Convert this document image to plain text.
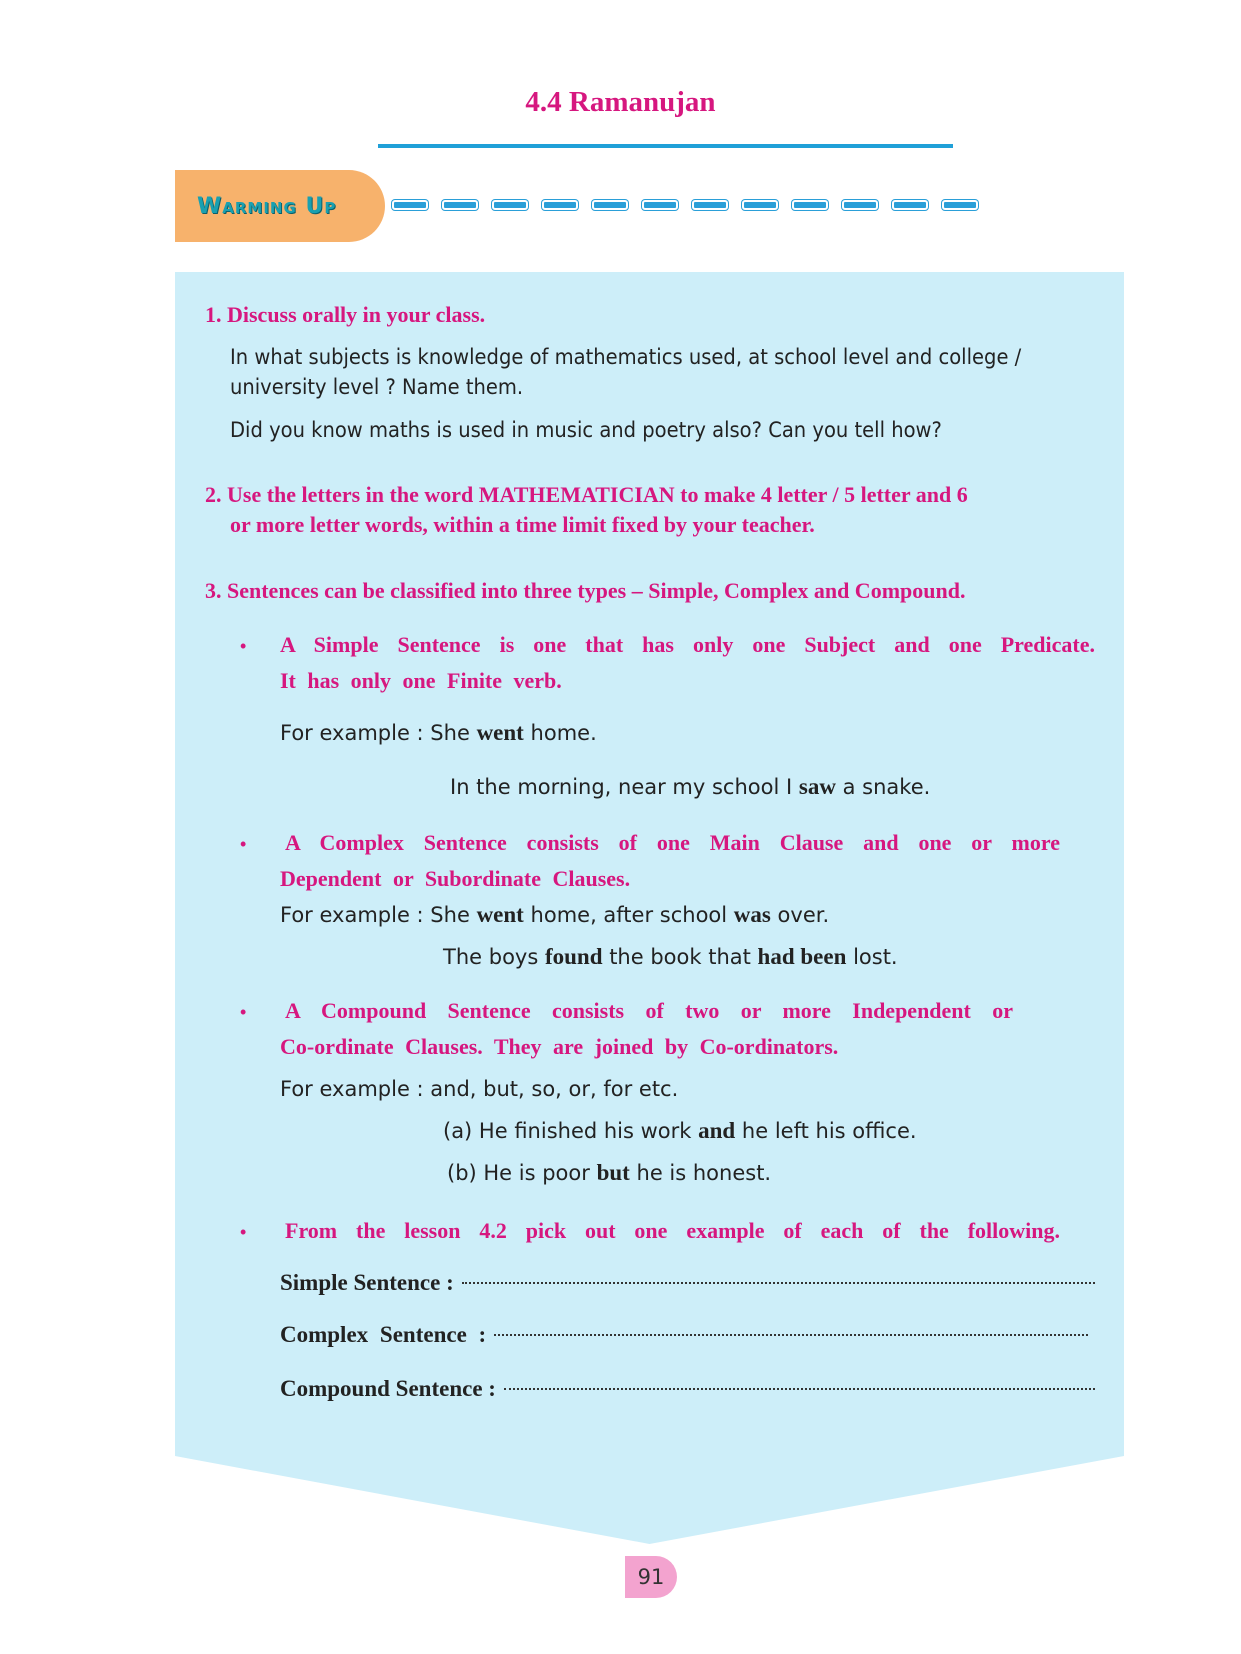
4.4 Ramanujan
Warming Up
1. Discuss orally in your class.
In what subjects is knowledge of mathematics used, at school level and college /
university level ? Name them.
Did you know maths is used in music and poetry also? Can you tell how?
2. Use the letters in the word MATHEMATICIAN to make 4 letter / 5 letter and 6
or more letter words, within a time limit fixed by your teacher.
3. Sentences can be classified into three types – Simple, Complex and Compound.
• A Simple Sentence is one that has only one Subject and one Predicate.
It has only one Finite verb.
For example : She went home.
In the morning, near my school I saw a snake.
• A Complex Sentence consists of one Main Clause and one or more
Dependent or Subordinate Clauses.
For example : She went home, after school was over.
The boys found the book that had been lost.
• A Compound Sentence consists of two or more Independent or
Co-ordinate Clauses. They are joined by Co-ordinators.
For example : and, but, so, or, for etc.
(a) He finished his work and he left his office.
(b) He is poor but he is honest.
• From the lesson 4.2 pick out one example of each of the following.
Simple Sentence :
Complex Sentence :
Compound Sentence :
91
